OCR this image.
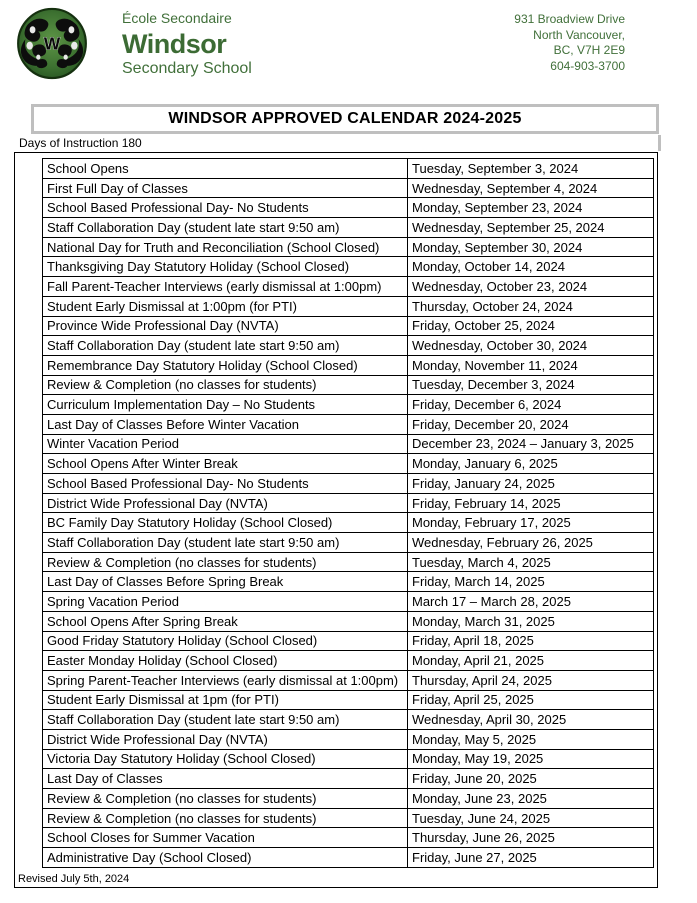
W
École Secondaire
Windsor
Secondary School
931 Broadview Drive
North Vancouver,
BC, V7H 2E9
604-903-3700
WINDSOR APPROVED CALENDAR 2024-2025
Days of Instruction 180
School Opens	Tuesday, September 3, 2024
First Full Day of Classes	Wednesday, September 4, 2024
School Based Professional Day- No Students	Monday, September 23, 2024
Staff Collaboration Day (student late start 9:50 am)	Wednesday, September 25, 2024
National Day for Truth and Reconciliation (School Closed)	Monday, September 30, 2024
Thanksgiving Day Statutory Holiday (School Closed)	Monday, October 14, 2024
Fall Parent-Teacher Interviews (early dismissal at 1:00pm)	Wednesday, October 23, 2024
Student Early Dismissal at 1:00pm (for PTI)	Thursday, October 24, 2024
Province Wide Professional Day (NVTA)	Friday, October 25, 2024
Staff Collaboration Day (student late start 9:50 am)	Wednesday, October 30, 2024
Remembrance Day Statutory Holiday (School Closed)	Monday, November 11, 2024
Review & Completion (no classes for students)	Tuesday, December 3, 2024
Curriculum Implementation Day – No Students	Friday, December 6, 2024
Last Day of Classes Before Winter Vacation	Friday, December 20, 2024
Winter Vacation Period	December 23, 2024 – January 3, 2025
School Opens After Winter Break	Monday, January 6, 2025
School Based Professional Day- No Students	Friday, January 24, 2025
District Wide Professional Day (NVTA)	Friday, February 14, 2025
BC Family Day Statutory Holiday (School Closed)	Monday, February 17, 2025
Staff Collaboration Day (student late start 9:50 am)	Wednesday, February 26, 2025
Review & Completion (no classes for students)	Tuesday, March 4, 2025
Last Day of Classes Before Spring Break	Friday, March 14, 2025
Spring Vacation Period	March 17 – March 28, 2025
School Opens After Spring Break	Monday, March 31, 2025
Good Friday Statutory Holiday (School Closed)	Friday, April 18, 2025
Easter Monday Holiday (School Closed)	Monday, April 21, 2025
Spring Parent-Teacher Interviews (early dismissal at 1:00pm)	Thursday, April 24, 2025
Student Early Dismissal at 1pm (for PTI)	Friday, April 25, 2025
Staff Collaboration Day (student late start 9:50 am)	Wednesday, April 30, 2025
District Wide Professional Day (NVTA)	Monday, May 5, 2025
Victoria Day Statutory Holiday (School Closed)	Monday, May 19, 2025
Last Day of Classes	Friday, June 20, 2025
Review & Completion (no classes for students)	Monday, June 23, 2025
Review & Completion (no classes for students)	Tuesday, June 24, 2025
School Closes for Summer Vacation	Thursday, June 26, 2025
Administrative Day (School Closed)	Friday, June 27, 2025
Revised July 5th, 2024
